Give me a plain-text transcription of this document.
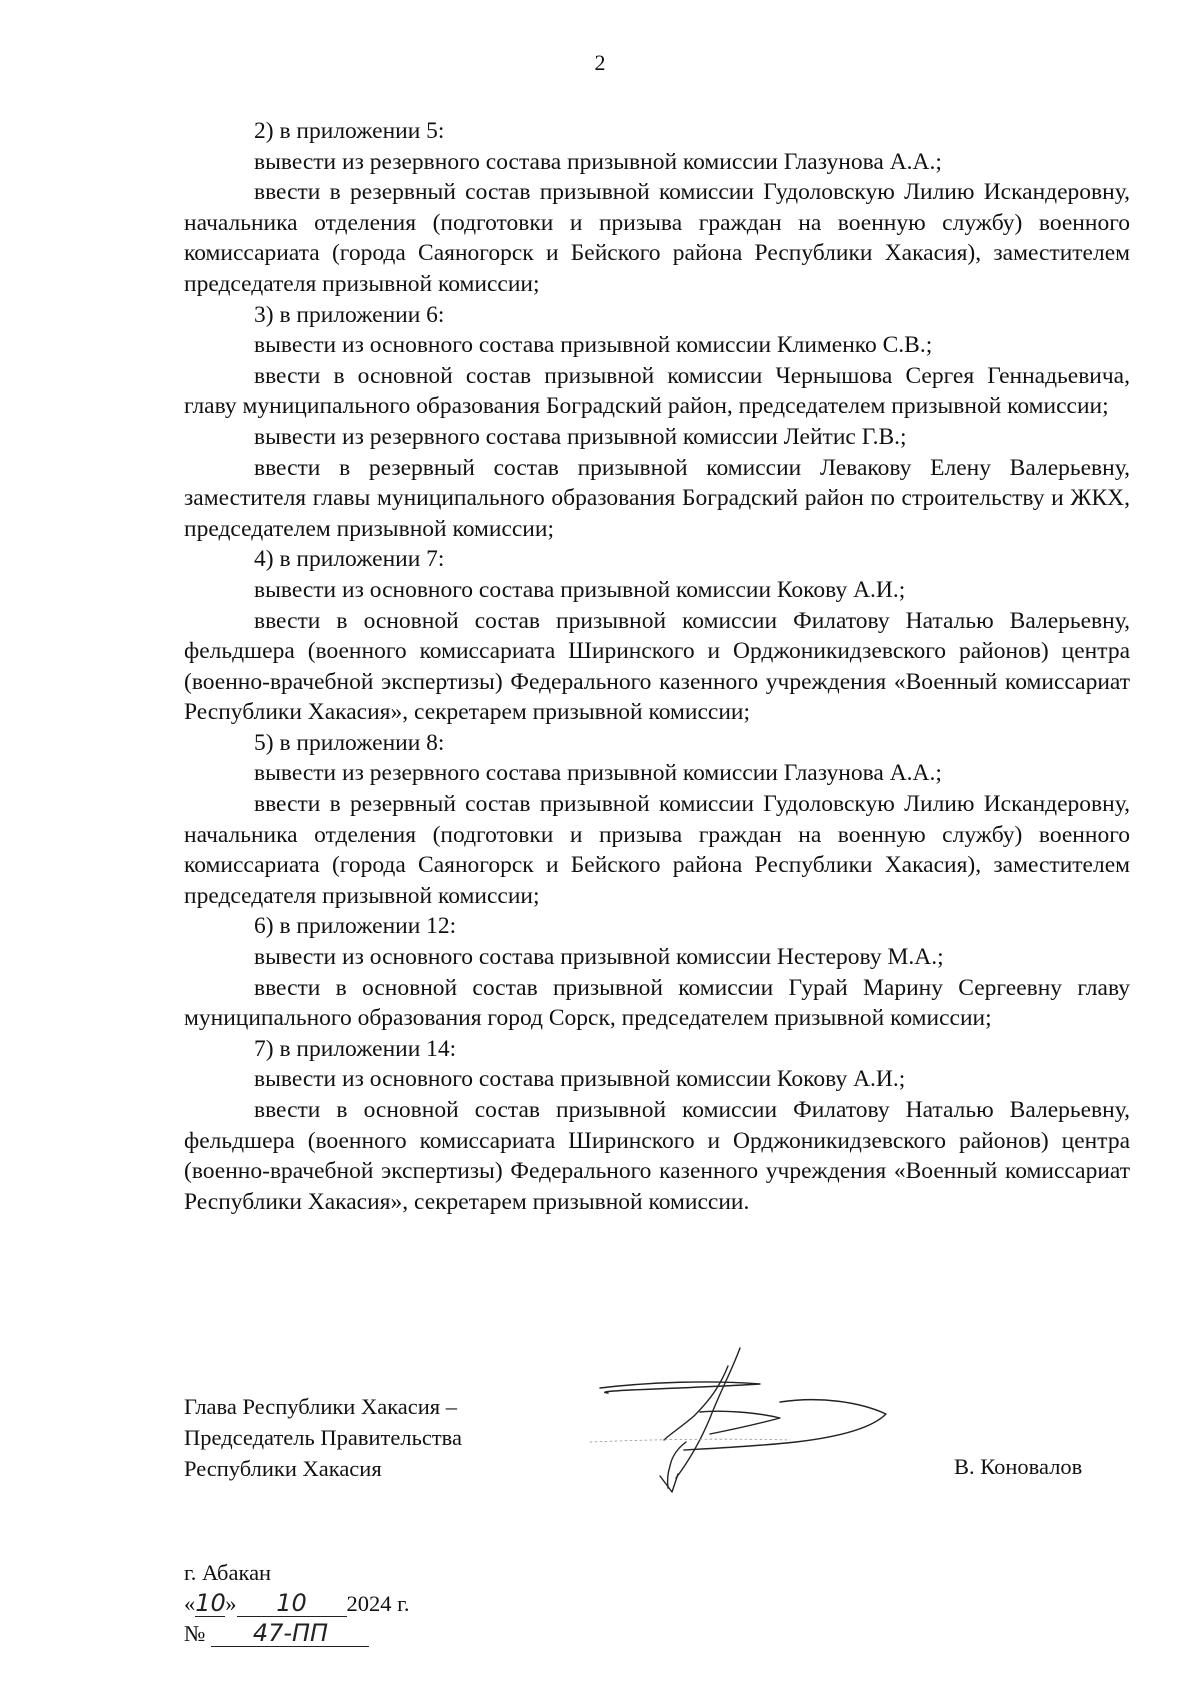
2

2) в приложении 5:

вывести из резервного состава призывной комиссии Глазунова А.А.;

ввести в резервный состав призывной комиссии Гудоловскую Лилию Искандеровну, начальника отделения (подготовки и призыва граждан на военную службу) военного комиссариата (города Саяногорск и Бейского района Республики Хакасия), заместителем председателя призывной комиссии;

3) в приложении 6:

вывести из основного состава призывной комиссии Клименко С.В.;

ввести в основной состав призывной комиссии Чернышова Сергея Геннадьевича, главу муниципального образования Боградский район, председателем призывной комиссии;

вывести из резервного состава призывной комиссии Лейтис Г.В.;

ввести в резервный состав призывной комиссии Левакову Елену Валерьевну, заместителя главы муниципального образования Боградский район по строительству и ЖКХ, председателем призывной комиссии;

4) в приложении 7:

вывести из основного состава призывной комиссии Кокову А.И.;

ввести в основной состав призывной комиссии Филатову Наталью Валерьевну, фельдшера (военного комиссариата Ширинского и Орджоникидзевского районов) центра (военно-врачебной экспертизы) Федерального казенного учреждения «Военный комиссариат Республики Хакасия», секретарем призывной комиссии;

5) в приложении 8:

вывести из резервного состава призывной комиссии Глазунова А.А.;

ввести в резервный состав призывной комиссии Гудоловскую Лилию Искандеровну, начальника отделения (подготовки и призыва граждан на военную службу) военного комиссариата (города Саяногорск и Бейского района Республики Хакасия), заместителем председателя призывной комиссии;

6) в приложении 12:

вывести из основного состава призывной комиссии Нестерову М.А.;

ввести в основной состав призывной комиссии Гурай Марину Сергеевну главу муниципального образования город Сорск, председателем призывной комиссии;

7) в приложении 14:

вывести из основного состава призывной комиссии Кокову А.И.;

ввести в основной состав призывной комиссии Филатову Наталью Валерьевну, фельдшера (военного комиссариата Ширинского и Орджоникидзевского районов) центра (военно-врачебной экспертизы) Федерального казенного учреждения «Военный комиссариат Республики Хакасия», секретарем призывной комиссии.

Глава Республики Хакасия –
Председатель Правительства
Республики Хакасия	В. Коновалов
г. Абакан
«10» 10 2024 г.
№ 47-ПП
